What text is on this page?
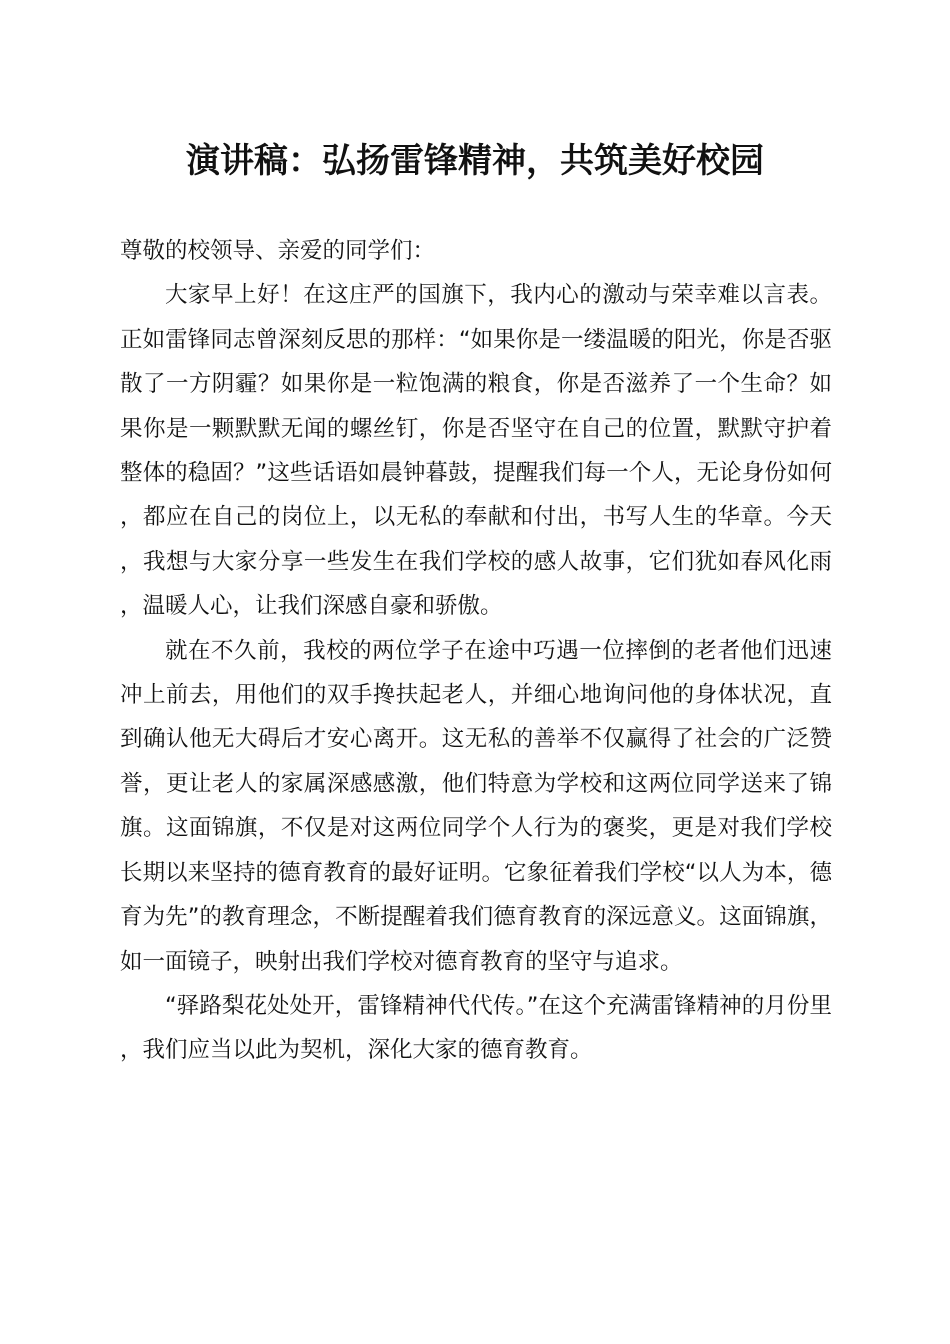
演讲稿：弘扬雷锋精神，共筑美好校园

尊敬的校领导、亲爱的同学们：

大家早上好！在这庄严的国旗下，我内心的激动与荣幸难以言表。正如雷锋同志曾深刻反思的那样：“如果你是一缕温暖的阳光，你是否驱散了一方阴霾？如果你是一粒饱满的粮食，你是否滋养了一个生命？如果你是一颗默默无闻的螺丝钉，你是否坚守在自己的位置，默默守护着整体的稳固？”这些话语如晨钟暮鼓，提醒我们每一个人，无论身份如何，都应在自己的岗位上，以无私的奉献和付出，书写人生的华章。今天，我想与大家分享一些发生在我们学校的感人故事，它们犹如春风化雨，温暖人心，让我们深感自豪和骄傲。

就在不久前，我校的两位学子在途中巧遇一位摔倒的老者他们迅速冲上前去，用他们的双手搀扶起老人，并细心地询问他的身体状况，直到确认他无大碍后才安心离开。这无私的善举不仅赢得了社会的广泛赞誉，更让老人的家属深感感激，他们特意为学校和这两位同学送来了锦旗。这面锦旗，不仅是对这两位同学个人行为的褒奖，更是对我们学校长期以来坚持的德育教育的最好证明。它象征着我们学校“以人为本，德育为先”的教育理念，不断提醒着我们德育教育的深远意义。这面锦旗，如一面镜子，映射出我们学校对德育教育的坚守与追求。

“驿路梨花处处开，雷锋精神代代传。”在这个充满雷锋精神的月份里，我们应当以此为契机，深化大家的德育教育。
